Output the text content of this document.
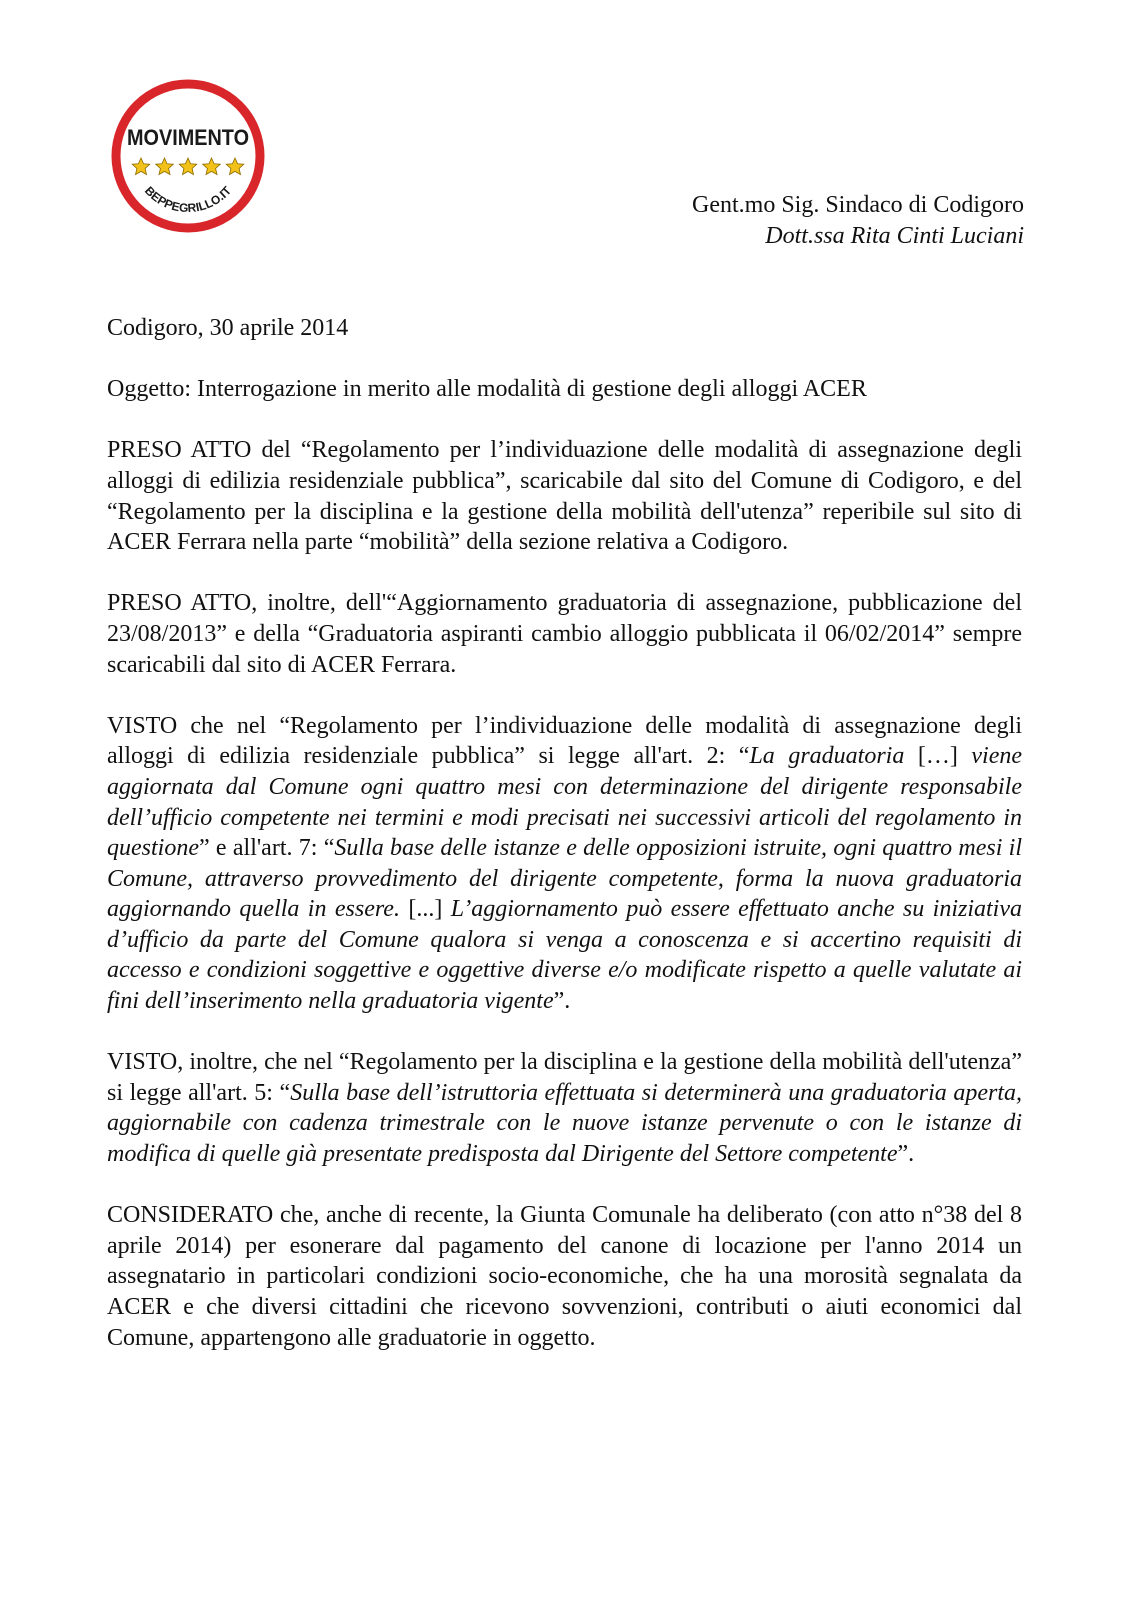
MOVIMENTO
BEPPEGRILLO.IT
Gent.mo Sig. Sindaco di Codigoro
Dott.ssa Rita Cinti Luciani

Codigoro, 30 aprile 2014

Oggetto: Interrogazione in merito alle modalità di gestione degli alloggi ACER

PRESO ATTO del “Regolamento per l’individuazione delle modalità di assegnazione degli alloggi di edilizia residenziale pubblica”, scaricabile dal sito del Comune di Codigoro, e del “Regolamento per la disciplina e la gestione della mobilità dell'utenza” reperibile sul sito di ACER Ferrara nella parte “mobilità” della sezione relativa a Codigoro.

PRESO ATTO, inoltre, dell'“Aggiornamento graduatoria di assegnazione, pubblicazione del 23/08/2013” e della “Graduatoria aspiranti cambio alloggio pubblicata il 06/02/2014” sempre scaricabili dal sito di ACER Ferrara.

VISTO che nel “Regolamento per l’individuazione delle modalità di assegnazione degli alloggi di edilizia residenziale pubblica” si legge all'art. 2: “La graduatoria […] viene aggiornata dal Comune ogni quattro mesi con determinazione del dirigente responsabile dell’ufficio competente nei termini e modi precisati nei successivi articoli del regolamento in questione” e all'art. 7: “Sulla base delle istanze e delle opposizioni istruite, ogni quattro mesi il Comune, attraverso provvedimento del dirigente competente, forma la nuova graduatoria aggiornando quella in essere. [...] L’aggiornamento può essere effettuato anche su iniziativa d’ufficio da parte del Comune qualora si venga a conoscenza e si accertino requisiti di accesso e condizioni soggettive e oggettive diverse e/o modificate rispetto a quelle valutate ai fini dell’inserimento nella graduatoria vigente”.

VISTO, inoltre, che nel “Regolamento per la disciplina e la gestione della mobilità dell'utenza” si legge all'art. 5: “Sulla base dell’istruttoria effettuata si determinerà una graduatoria aperta, aggiornabile con cadenza trimestrale con le nuove istanze pervenute o con le istanze di modifica di quelle già presentate predisposta dal Dirigente del Settore competente”.

CONSIDERATO che, anche di recente, la Giunta Comunale ha deliberato (con atto n°38 del 8 aprile 2014) per esonerare dal pagamento del canone di locazione per l'anno 2014 un assegnatario in particolari condizioni socio-economiche, che ha una morosità segnalata da ACER e che diversi cittadini che ricevono sovvenzioni, contributi o aiuti economici dal Comune, appartengono alle graduatorie in oggetto.
